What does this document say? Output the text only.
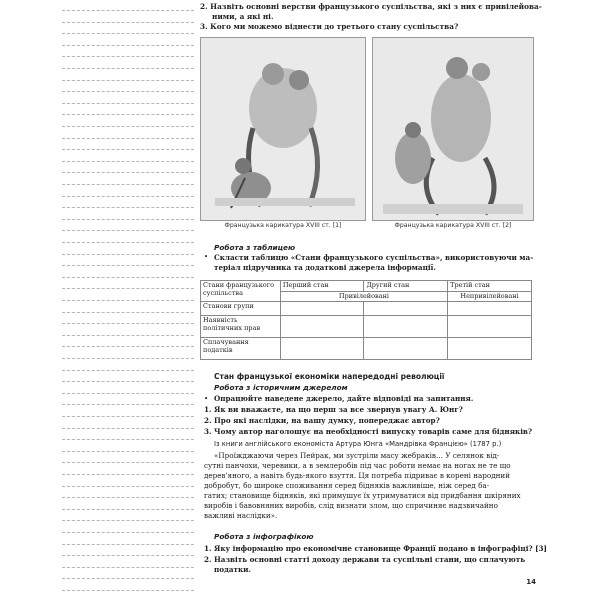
2. Назвіть основні верстви французького суспільства, які з них є привілейова-
ними, а які ні.
3. Кого ми можемо віднести до третього стану суспільства?
Французька карикатура XVIII ст. [1]	Французька карикатура XVIII ст. [2]
Робота з таблицею
• Скласти таблицю «Стани французького суспільства», використовуючи ма-
теріал підручника та додаткові джерела інформації.
Стани французького суспільства	Перший стан	Другий стан	Третій стан
	Привілейовані		Непривілейовані
Станови групи			
Наявність політичних прав			
Сплачування податків			
Стан французької економіки напередодні революції
Робота з історичним джерелом
• Опрацюйте наведене джерело, дайте відповіді на запитання.
1. Як ви вважаєте, на що перш за все звернув увагу А. Юнг?
2. Про які наслідки, на вашу думку, попереджає автор?
3. Чому автор наголошує на необхідності випуску товарів саме для бідняків?
Із книги англійського економіста Артура Юнга «Мандрівка Францією» (1787 р.)
«Проїжджаючи через Пейрак, ми зустріли масу жебраків… У селянок від-
сутні панчохи, черевики, а в землеробів під час роботи немає на ногах не те що
дерев'яного, а навіть будь-якого взуття. Ця потреба підриває в корені народний
добробут, бо широке споживання серед бідняків важливіше, ніж серед ба-
гатих; становище бідняків, які примушує їх утримуватися від придбання шкіряних
виробів і бавовняних виробів, слід визнати злом, що спричиняє надзвичайно
важливі наслідки».
Робота з інфографікою
1. Яку інформацію про економічне становище Франції подано в інфографіці? [3]
2. Назвіть основні статті доходу держави та суспільні стани, що сплачують
податки.
14
